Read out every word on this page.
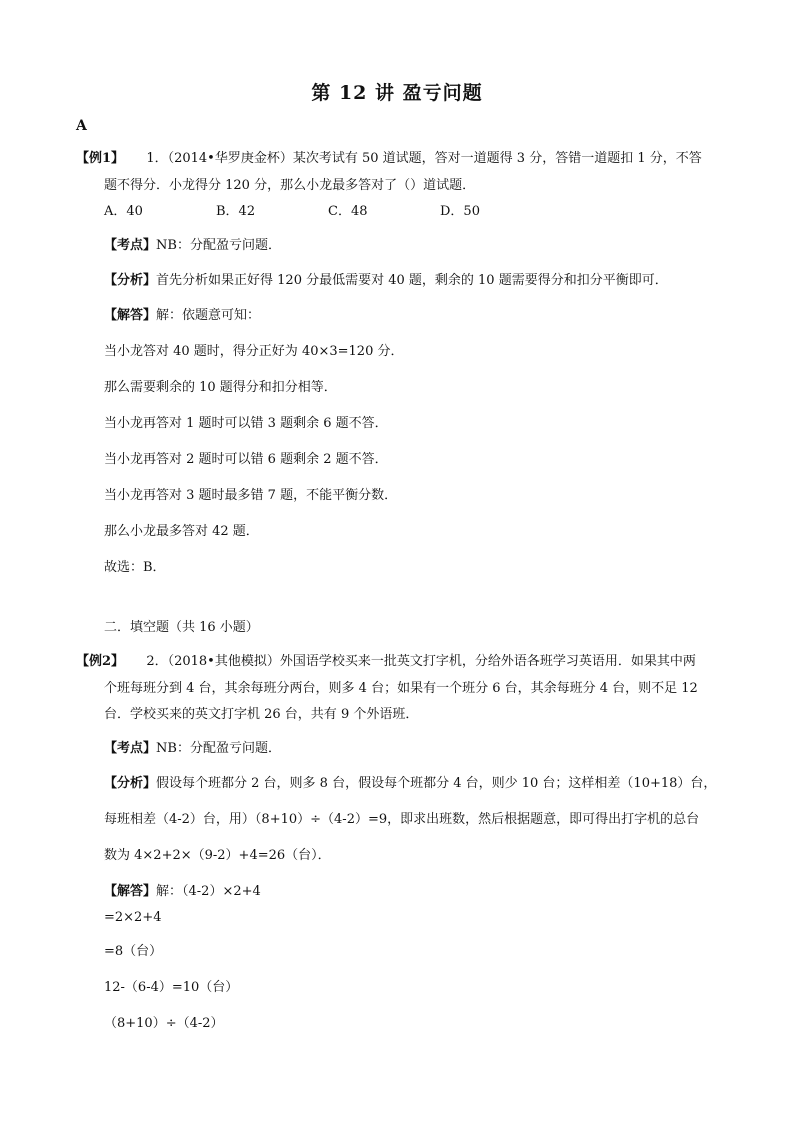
第 12 讲 盈亏问题
A
【例1】 1．（2014•华罗庚金杯）某次考试有 50 道试题，答对一道题得 3 分，答错一道题扣 1 分，不答
题不得分．小龙得分 120 分，那么小龙最多答对了（）道试题．
A．40	B．42	C．48	D．50
【考点】NB：分配盈亏问题．
【分析】首先分析如果正好得 120 分最低需要对 40 题，剩余的 10 题需要得分和扣分平衡即可．
【解答】解：依题意可知：
当小龙答对 40 题时，得分正好为 40×3=120 分．
那么需要剩余的 10 题得分和扣分相等．
当小龙再答对 1 题时可以错 3 题剩余 6 题不答．
当小龙再答对 2 题时可以错 6 题剩余 2 题不答．
当小龙再答对 3 题时最多错 7 题，不能平衡分数．
那么小龙最多答对 42 题．
故选：B．
二．填空题（共 16 小题）
【例2】 2．（2018•其他模拟）外国语学校买来一批英文打字机，分给外语各班学习英语用．如果其中两
个班每班分到 4 台，其余每班分两台，则多 4 台；如果有一个班分 6 台，其余每班分 4 台，则不足 12
台．学校买来的英文打字机 26 台，共有 9 个外语班．
【考点】NB：分配盈亏问题．
【分析】假设每个班都分 2 台，则多 8 台，假设每个班都分 4 台，则少 10 台；这样相差（10+18）台，
每班相差（4-2）台，用）（8+10）÷（4-2）=9，即求出班数，然后根据题意，即可得出打字机的总台
数为 4×2+2×（9-2）+4=26（台）．
【解答】解：（4-2）×2+4
=2×2+4
=8（台）
12-（6-4）=10（台）
（8+10）÷（4-2）
